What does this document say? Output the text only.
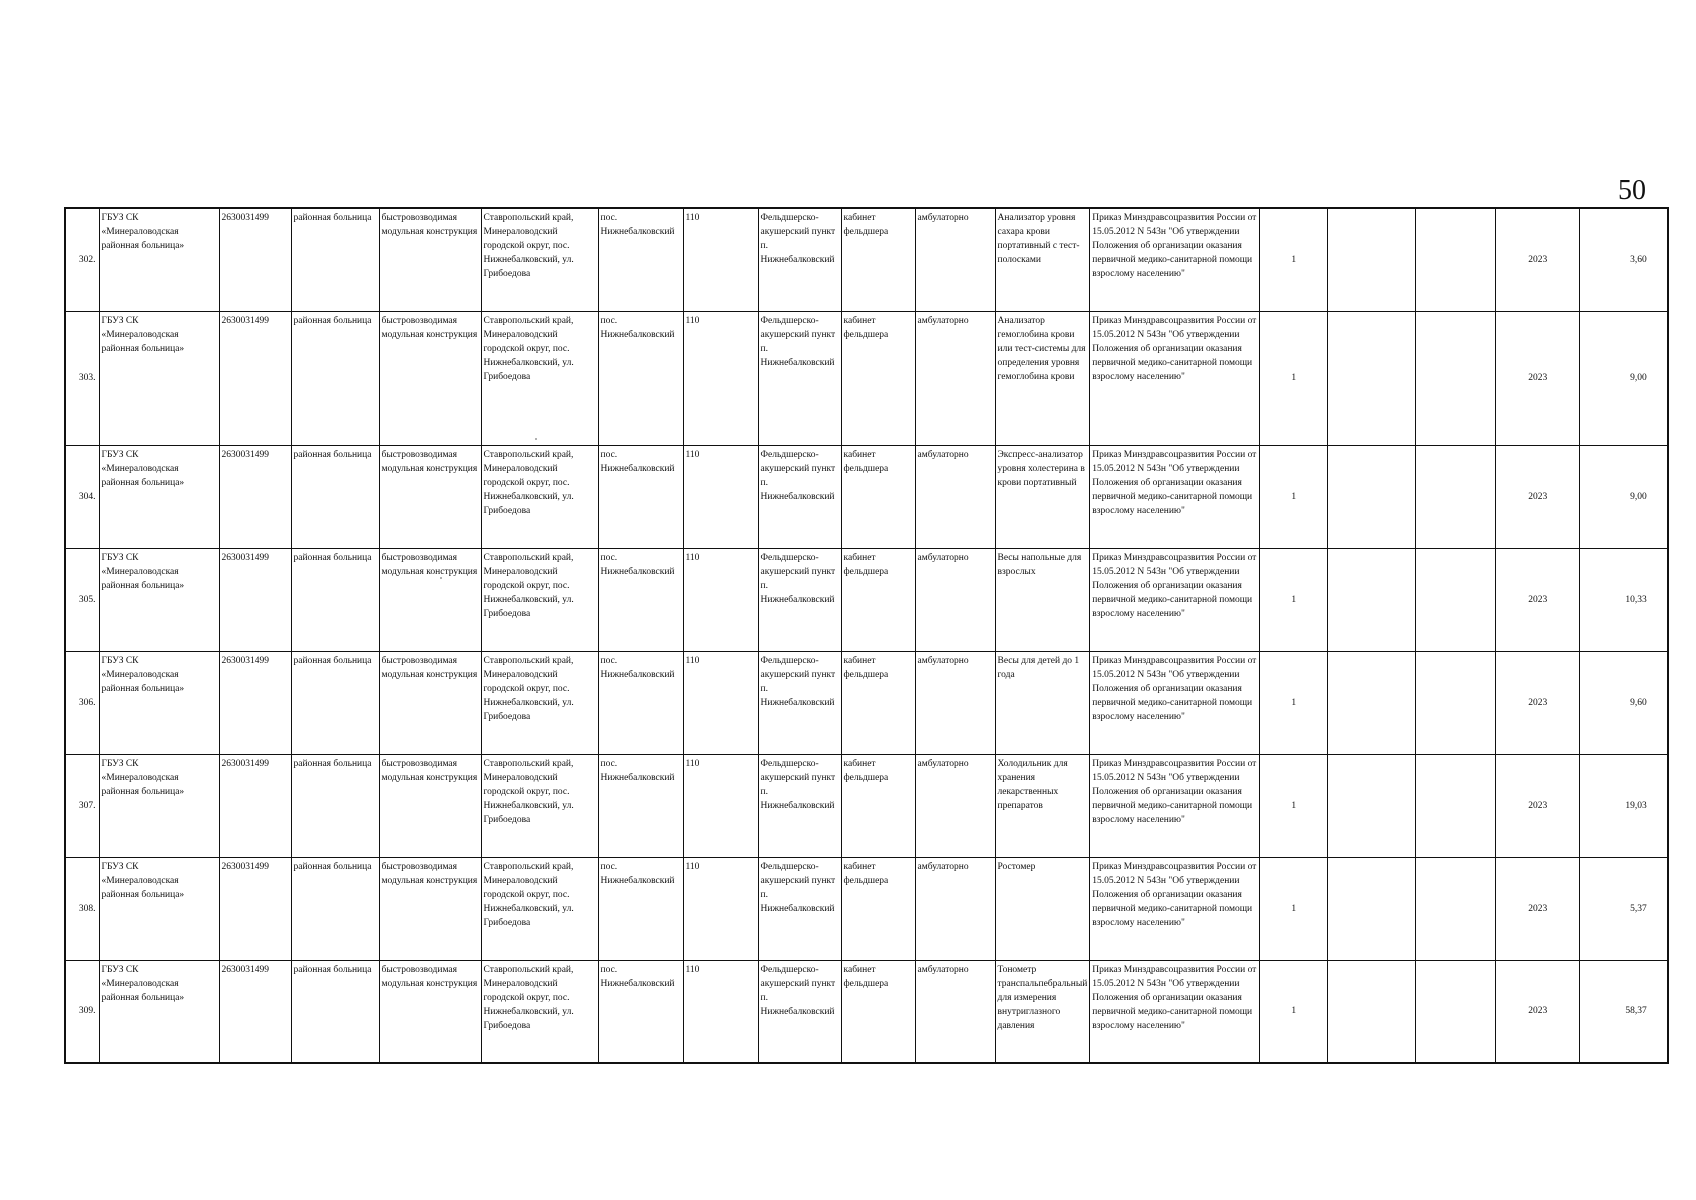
50
302.	ГБУЗ СК «Минераловодская районная больница»	2630031499	районная больница	быстровозводимая модульная конструкция	Ставропольский край, Минераловодский городской округ, пос. Нижнебалковский, ул. Грибоедова	пос. Нижнебалковский	110	Фельдшерско-акушерский пункт п. Нижнебалковский	кабинет фельдшера	амбулаторно	Анализатор уровня сахара крови портативный с тест-полосками	Приказ Минздравсоцразвития России от 15.05.2012 N 543н "Об утверждении Положения об организации оказания первичной медико-санитарной помощи взрослому населению"	1			2023	3,60
303.	ГБУЗ СК «Минераловодская районная больница»	2630031499	районная больница	быстровозводимая модульная конструкция	Ставропольский край, Минераловодский городской округ, пос. Нижнебалковский, ул. Грибоедова	пос. Нижнебалковский	110	Фельдшерско-акушерский пункт п. Нижнебалковский	кабинет фельдшера	амбулаторно	Анализатор гемоглобина крови или тест-системы для определения уровня гемоглобина крови	Приказ Минздравсоцразвития России от 15.05.2012 N 543н "Об утверждении Положения об организации оказания первичной медико-санитарной помощи взрослому населению"	1			2023	9,00
304.	ГБУЗ СК «Минераловодская районная больница»	2630031499	районная больница	быстровозводимая модульная конструкция	Ставропольский край, Минераловодский городской округ, пос. Нижнебалковский, ул. Грибоедова	пос. Нижнебалковский	110	Фельдшерско-акушерский пункт п. Нижнебалковский	кабинет фельдшера	амбулаторно	Экспресс-анализатор уровня холестерина в крови портативный	Приказ Минздравсоцразвития России от 15.05.2012 N 543н "Об утверждении Положения об организации оказания первичной медико-санитарной помощи взрослому населению"	1			2023	9,00
305.	ГБУЗ СК «Минераловодская районная больница»	2630031499	районная больница	быстровозводимая модульная конструкция	Ставропольский край, Минераловодский городской округ, пос. Нижнебалковский, ул. Грибоедова	пос. Нижнебалковский	110	Фельдшерско-акушерский пункт п. Нижнебалковский	кабинет фельдшера	амбулаторно	Весы напольные для взрослых	Приказ Минздравсоцразвития России от 15.05.2012 N 543н "Об утверждении Положения об организации оказания первичной медико-санитарной помощи взрослому населению"	1			2023	10,33
306.	ГБУЗ СК «Минераловодская районная больница»	2630031499	районная больница	быстровозводимая модульная конструкция	Ставропольский край, Минераловодский городской округ, пос. Нижнебалковский, ул. Грибоедова	пос. Нижнебалковский	110	Фельдшерско-акушерский пункт п. Нижнебалковский	кабинет фельдшера	амбулаторно	Весы для детей до 1 года	Приказ Минздравсоцразвития России от 15.05.2012 N 543н "Об утверждении Положения об организации оказания первичной медико-санитарной помощи взрослому населению"	1			2023	9,60
307.	ГБУЗ СК «Минераловодская районная больница»	2630031499	районная больница	быстровозводимая модульная конструкция	Ставропольский край, Минераловодский городской округ, пос. Нижнебалковский, ул. Грибоедова	пос. Нижнебалковский	110	Фельдшерско-акушерский пункт п. Нижнебалковский	кабинет фельдшера	амбулаторно	Холодильник для хранения лекарственных препаратов	Приказ Минздравсоцразвития России от 15.05.2012 N 543н "Об утверждении Положения об организации оказания первичной медико-санитарной помощи взрослому населению"	1			2023	19,03
308.	ГБУЗ СК «Минераловодская районная больница»	2630031499	районная больница	быстровозводимая модульная конструкция	Ставропольский край, Минераловодский городской округ, пос. Нижнебалковский, ул. Грибоедова	пос. Нижнебалковский	110	Фельдшерско-акушерский пункт п. Нижнебалковский	кабинет фельдшера	амбулаторно	Ростомер	Приказ Минздравсоцразвития России от 15.05.2012 N 543н "Об утверждении Положения об организации оказания первичной медико-санитарной помощи взрослому населению"	1			2023	5,37
309.	ГБУЗ СК «Минераловодская районная больница»	2630031499	районная больница	быстровозводимая модульная конструкция	Ставропольский край, Минераловодский городской округ, пос. Нижнебалковский, ул. Грибоедова	пос. Нижнебалковский	110	Фельдшерско-акушерский пункт п. Нижнебалковский	кабинет фельдшера	амбулаторно	Тонометр транспальпебральный для измерения внутриглазного давления	Приказ Минздравсоцразвития России от 15.05.2012 N 543н "Об утверждении Положения об организации оказания первичной медико-санитарной помощи взрослому населению"	1			2023	58,37
